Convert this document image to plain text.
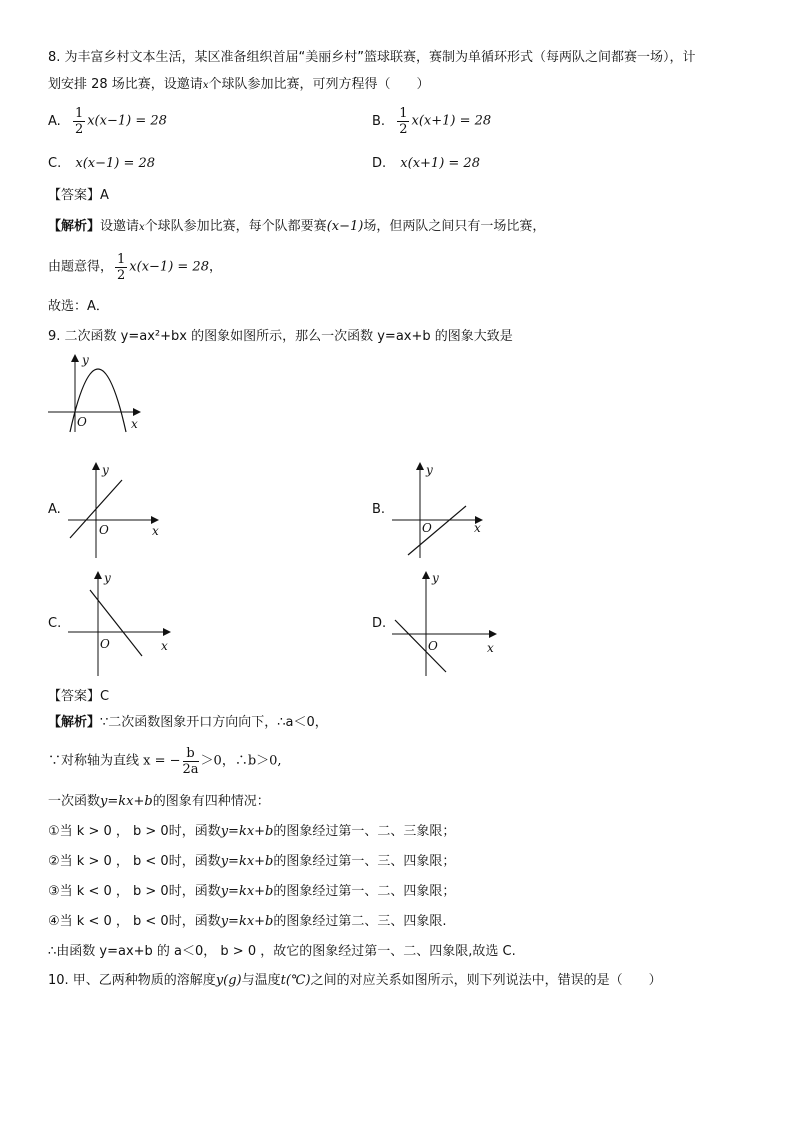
8. 为丰富乡村文本生活，某区准备组织首届“美丽乡村”篮球联赛，赛制为单循环形式（每两队之间都赛一场），计
划安排 28 场比赛，设邀请x个球队参加比赛，可列方程得（　　）
A. $\frac{1}{2} x(x-1) = 28$	B. $\frac{1}{2} x(x+1) = 28$
C. x(x−1) = 28	D. x(x+1) = 28
【答案】A
【解析】设邀请x个球队参加比赛，每个队都要赛(x−1)场，但两队之间只有一场比赛，
由题意得， $\frac{1}{2} x(x-1) = 28$，
故选：A．
9. 二次函数 y=ax²+bx 的图象如图所示，那么一次函数 y=ax+b 的图象大致是
y
O	x
A.
y
O	x
B.
y
O	x
C.
y
O	x
D.
y
O	x
【答案】C
【解析】∵二次函数图象开口方向向下，∴a＜0，
∵对称轴为直线 x = − $\frac{b}{2a} >0$，∴b＞0,
一次函数y=kx+b的图象有四种情况：
①当 k > 0 ， b > 0时，函数y=kx+b的图象经过第一、二、三象限；
②当 k > 0 ， b < 0时，函数y=kx+b的图象经过第一、三、四象限；
③当 k < 0 ， b > 0时，函数y=kx+b的图象经过第一、二、四象限；
④当 k < 0 ， b < 0时，函数y=kx+b的图象经过第二、三、四象限.
∴由函数 y=ax+b 的 a＜0， b > 0 ，故它的图象经过第一、二、四象限,故选 C.
10. 甲、乙两种物质的溶解度y(g)与温度t(℃)之间的对应关系如图所示，则下列说法中，错误的是（　　）
